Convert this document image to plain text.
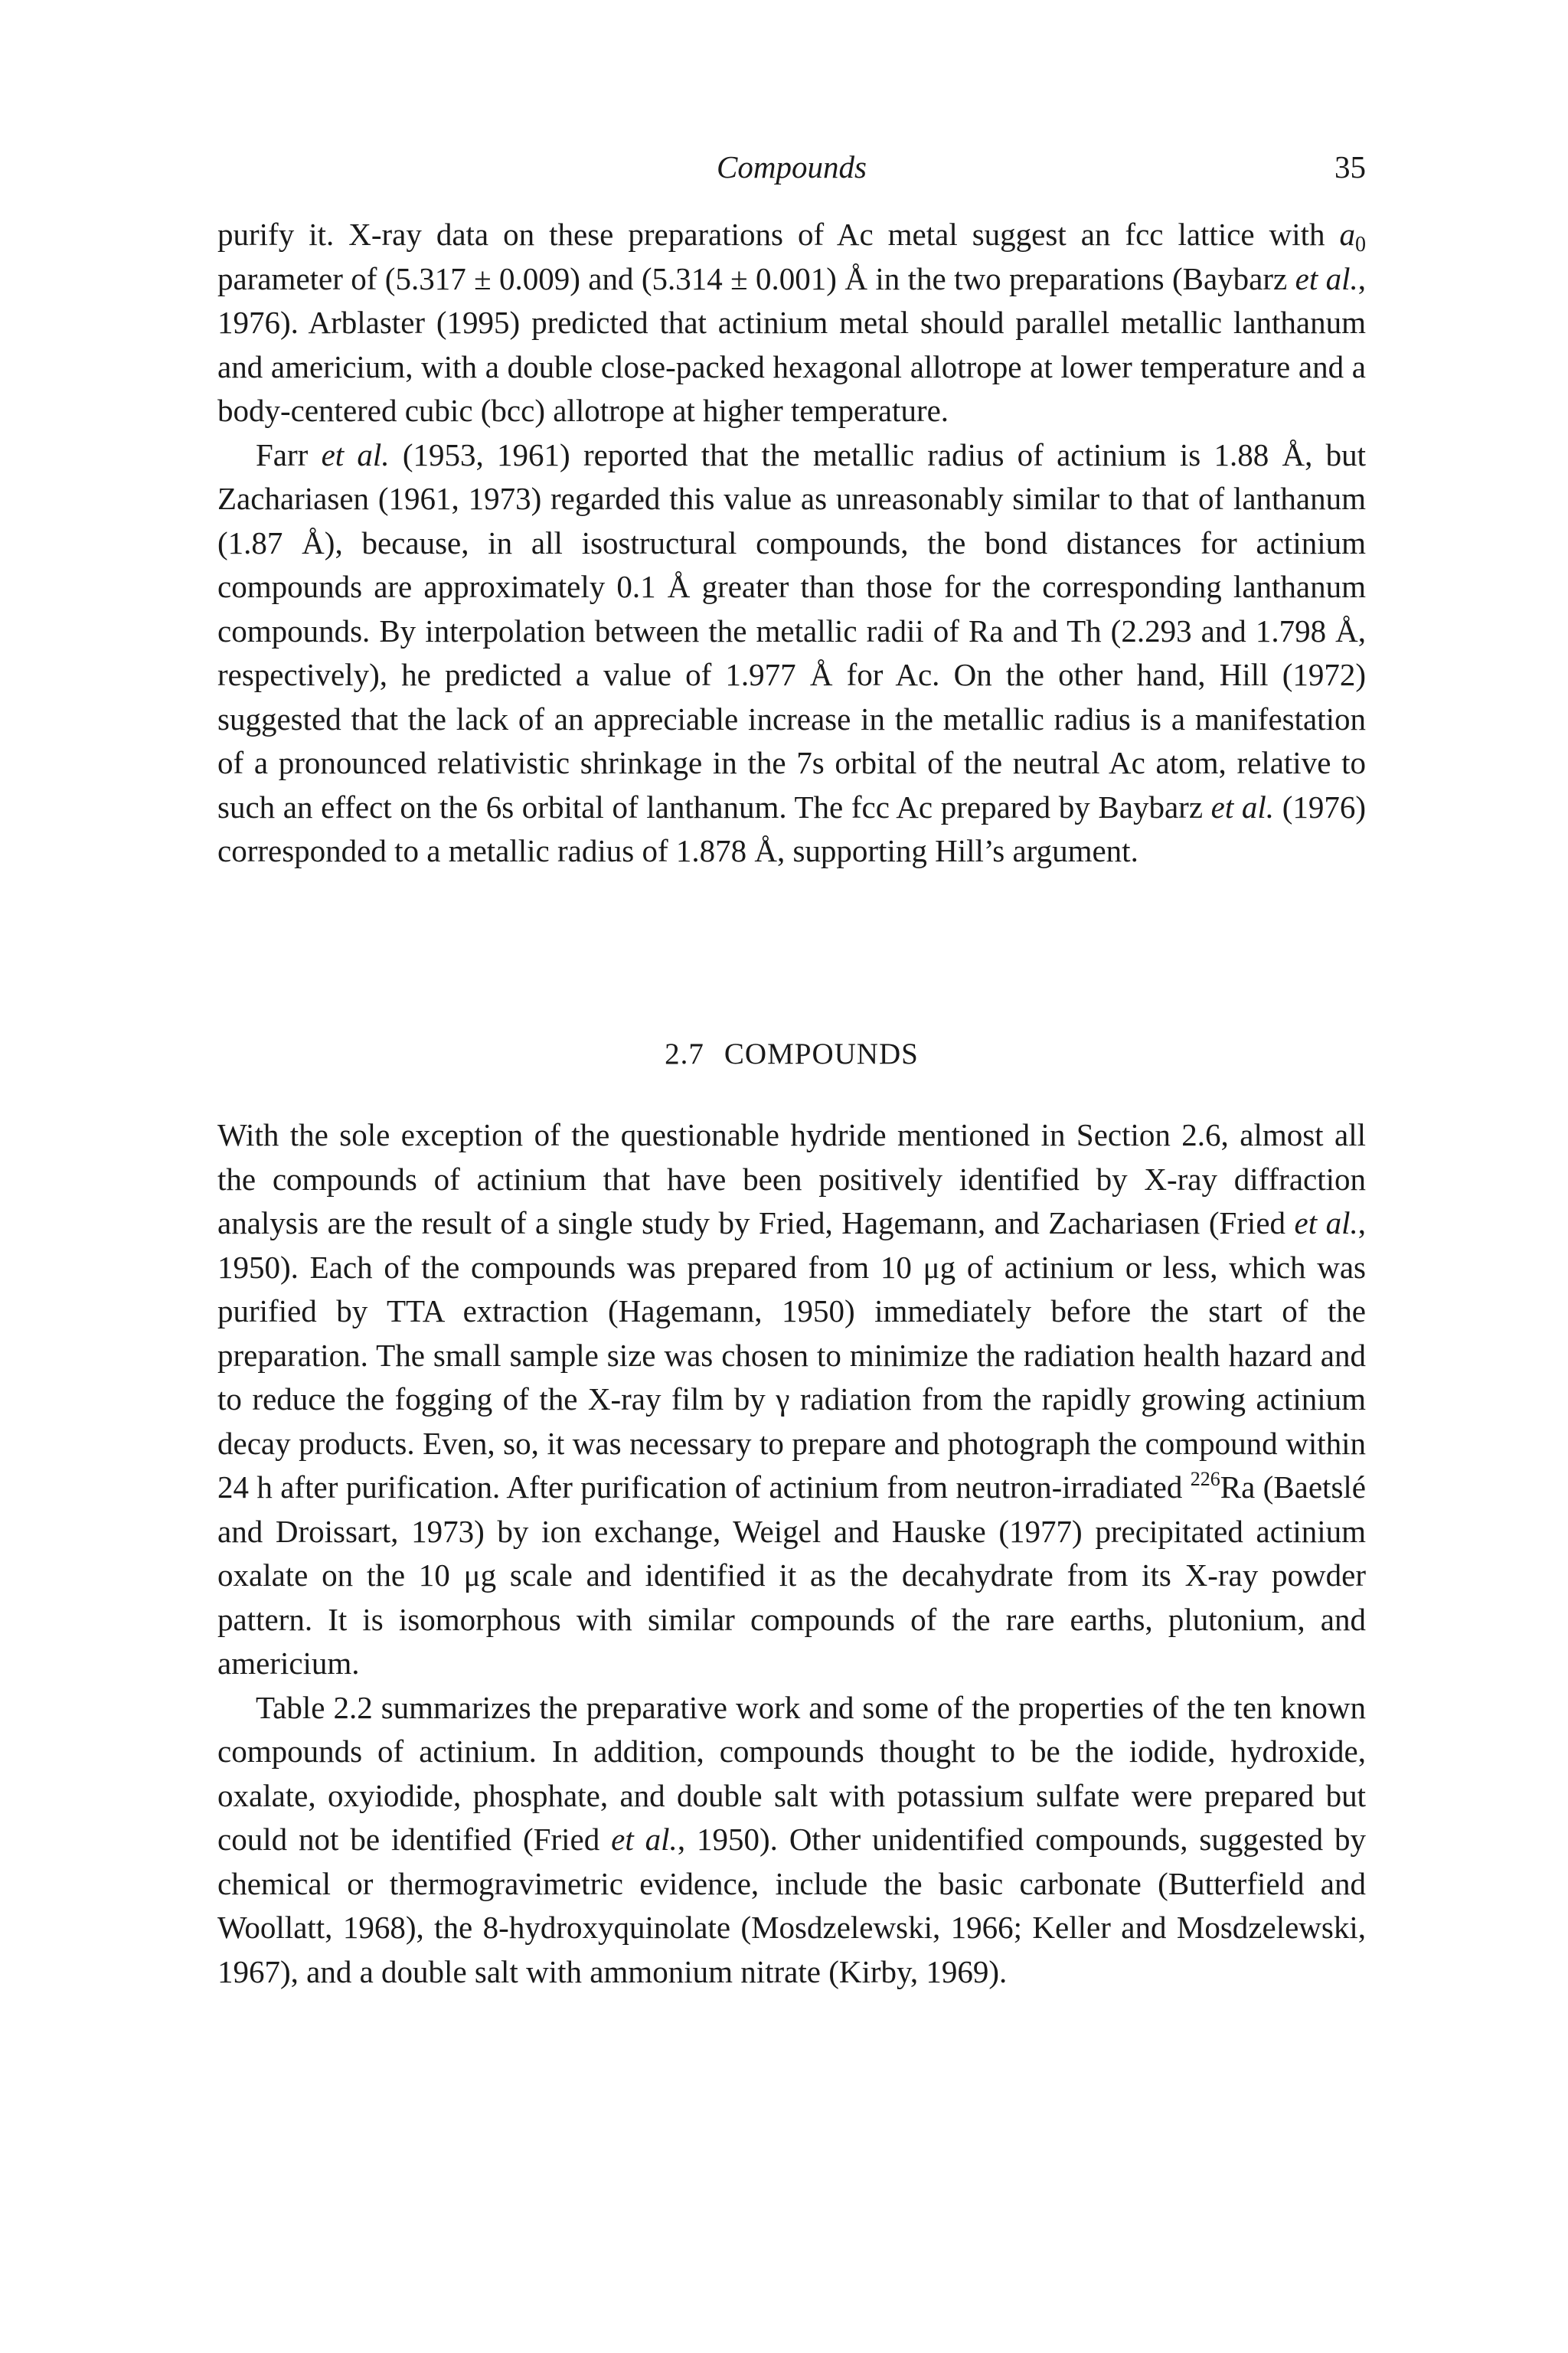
Compounds	35

purify it. X-ray data on these preparations of Ac metal suggest an fcc lattice with $a_0$ parameter of (5.317 ± 0.009) and (5.314 ± 0.001) Å in the two preparations (Baybarz et al., 1976). Arblaster (1995) predicted that actinium metal should parallel metallic lanthanum and americium, with a double close-packed hexagonal allotrope at lower temperature and a body-centered cubic (bcc) allotrope at higher temperature.

Farr et al. (1953, 1961) reported that the metallic radius of actinium is 1.88 Å, but Zachariasen (1961, 1973) regarded this value as unreasonably similar to that of lanthanum (1.87 Å), because, in all isostructural compounds, the bond distances for actinium compounds are approximately 0.1 Å greater than those for the corresponding lanthanum compounds. By interpolation between the metallic radii of Ra and Th (2.293 and 1.798 Å, respectively), he predicted a value of 1.977 Å for Ac. On the other hand, Hill (1972) suggested that the lack of an appreciable increase in the metallic radius is a manifestation of a pronounced relativistic shrinkage in the 7s orbital of the neutral Ac atom, relative to such an effect on the 6s orbital of lanthanum. The fcc Ac prepared by Baybarz et al. (1976) corresponded to a metallic radius of 1.878 Å, supporting Hill’s argument.

2.7 COMPOUNDS

With the sole exception of the questionable hydride mentioned in Section 2.6, almost all the compounds of actinium that have been positively identified by X-ray diffraction analysis are the result of a single study by Fried, Hagemann, and Zachariasen (Fried et al., 1950). Each of the compounds was prepared from 10 μg of actinium or less, which was purified by TTA extraction (Hagemann, 1950) immediately before the start of the preparation. The small sample size was chosen to minimize the radiation health hazard and to reduce the fogging of the X-ray film by γ radiation from the rapidly growing actinium decay products. Even, so, it was necessary to prepare and photograph the compound within 24 h after purification. After purification of actinium from neutron-irradiated $^{226}$Ra (Baetslé and Droissart, 1973) by ion exchange, Weigel and Hauske (1977) precipitated actinium oxalate on the 10 μg scale and identified it as the decahydrate from its X-ray powder pattern. It is isomorphous with similar compounds of the rare earths, plutonium, and americium.

Table 2.2 summarizes the preparative work and some of the properties of the ten known compounds of actinium. In addition, compounds thought to be the iodide, hydroxide, oxalate, oxyiodide, phosphate, and double salt with potassium sulfate were prepared but could not be identified (Fried et al., 1950). Other unidentified compounds, suggested by chemical or thermogravimetric evidence, include the basic carbonate (Butterfield and Woollatt, 1968), the 8-hydroxyquinolate (Mosdzelewski, 1966; Keller and Mosdzelewski, 1967), and a double salt with ammonium nitrate (Kirby, 1969).
